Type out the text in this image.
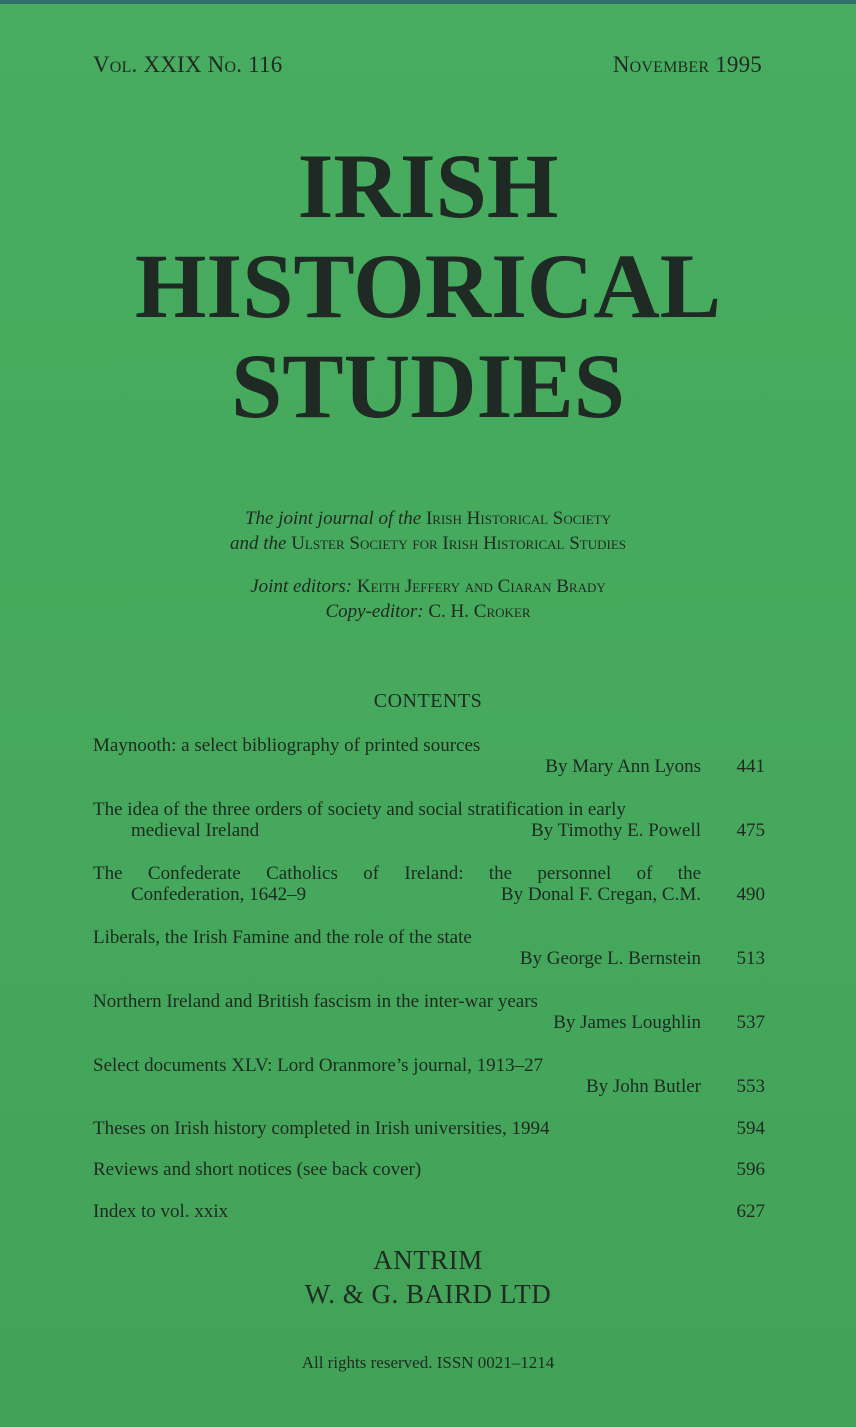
Vol. XXIX No. 116	November 1995
IRISH
HISTORICAL
STUDIES
The joint journal of the Irish Historical Society
and the Ulster Society for Irish Historical Studies
Joint editors: Keith Jeffery and Ciaran Brady
Copy-editor: C. H. Croker
CONTENTS
Maynooth: a select bibliography of printed sources
By Mary Ann Lyons	441
The idea of the three orders of society and social stratification in early
medieval Ireland	By Timothy E. Powell	475
The Confederate Catholics of Ireland: the personnel of the
Confederation, 1642–9	By Donal F. Cregan, C.M.	490
Liberals, the Irish Famine and the role of the state
By George L. Bernstein	513
Northern Ireland and British fascism in the inter-war years
By James Loughlin	537
Select documents XLV: Lord Oranmore’s journal, 1913–27
By John Butler	553
Theses on Irish history completed in Irish universities, 1994	594
Reviews and short notices (see back cover)	596
Index to vol. xxix	627
ANTRIM
W. & G. BAIRD LTD
All rights reserved. ISSN 0021–1214
